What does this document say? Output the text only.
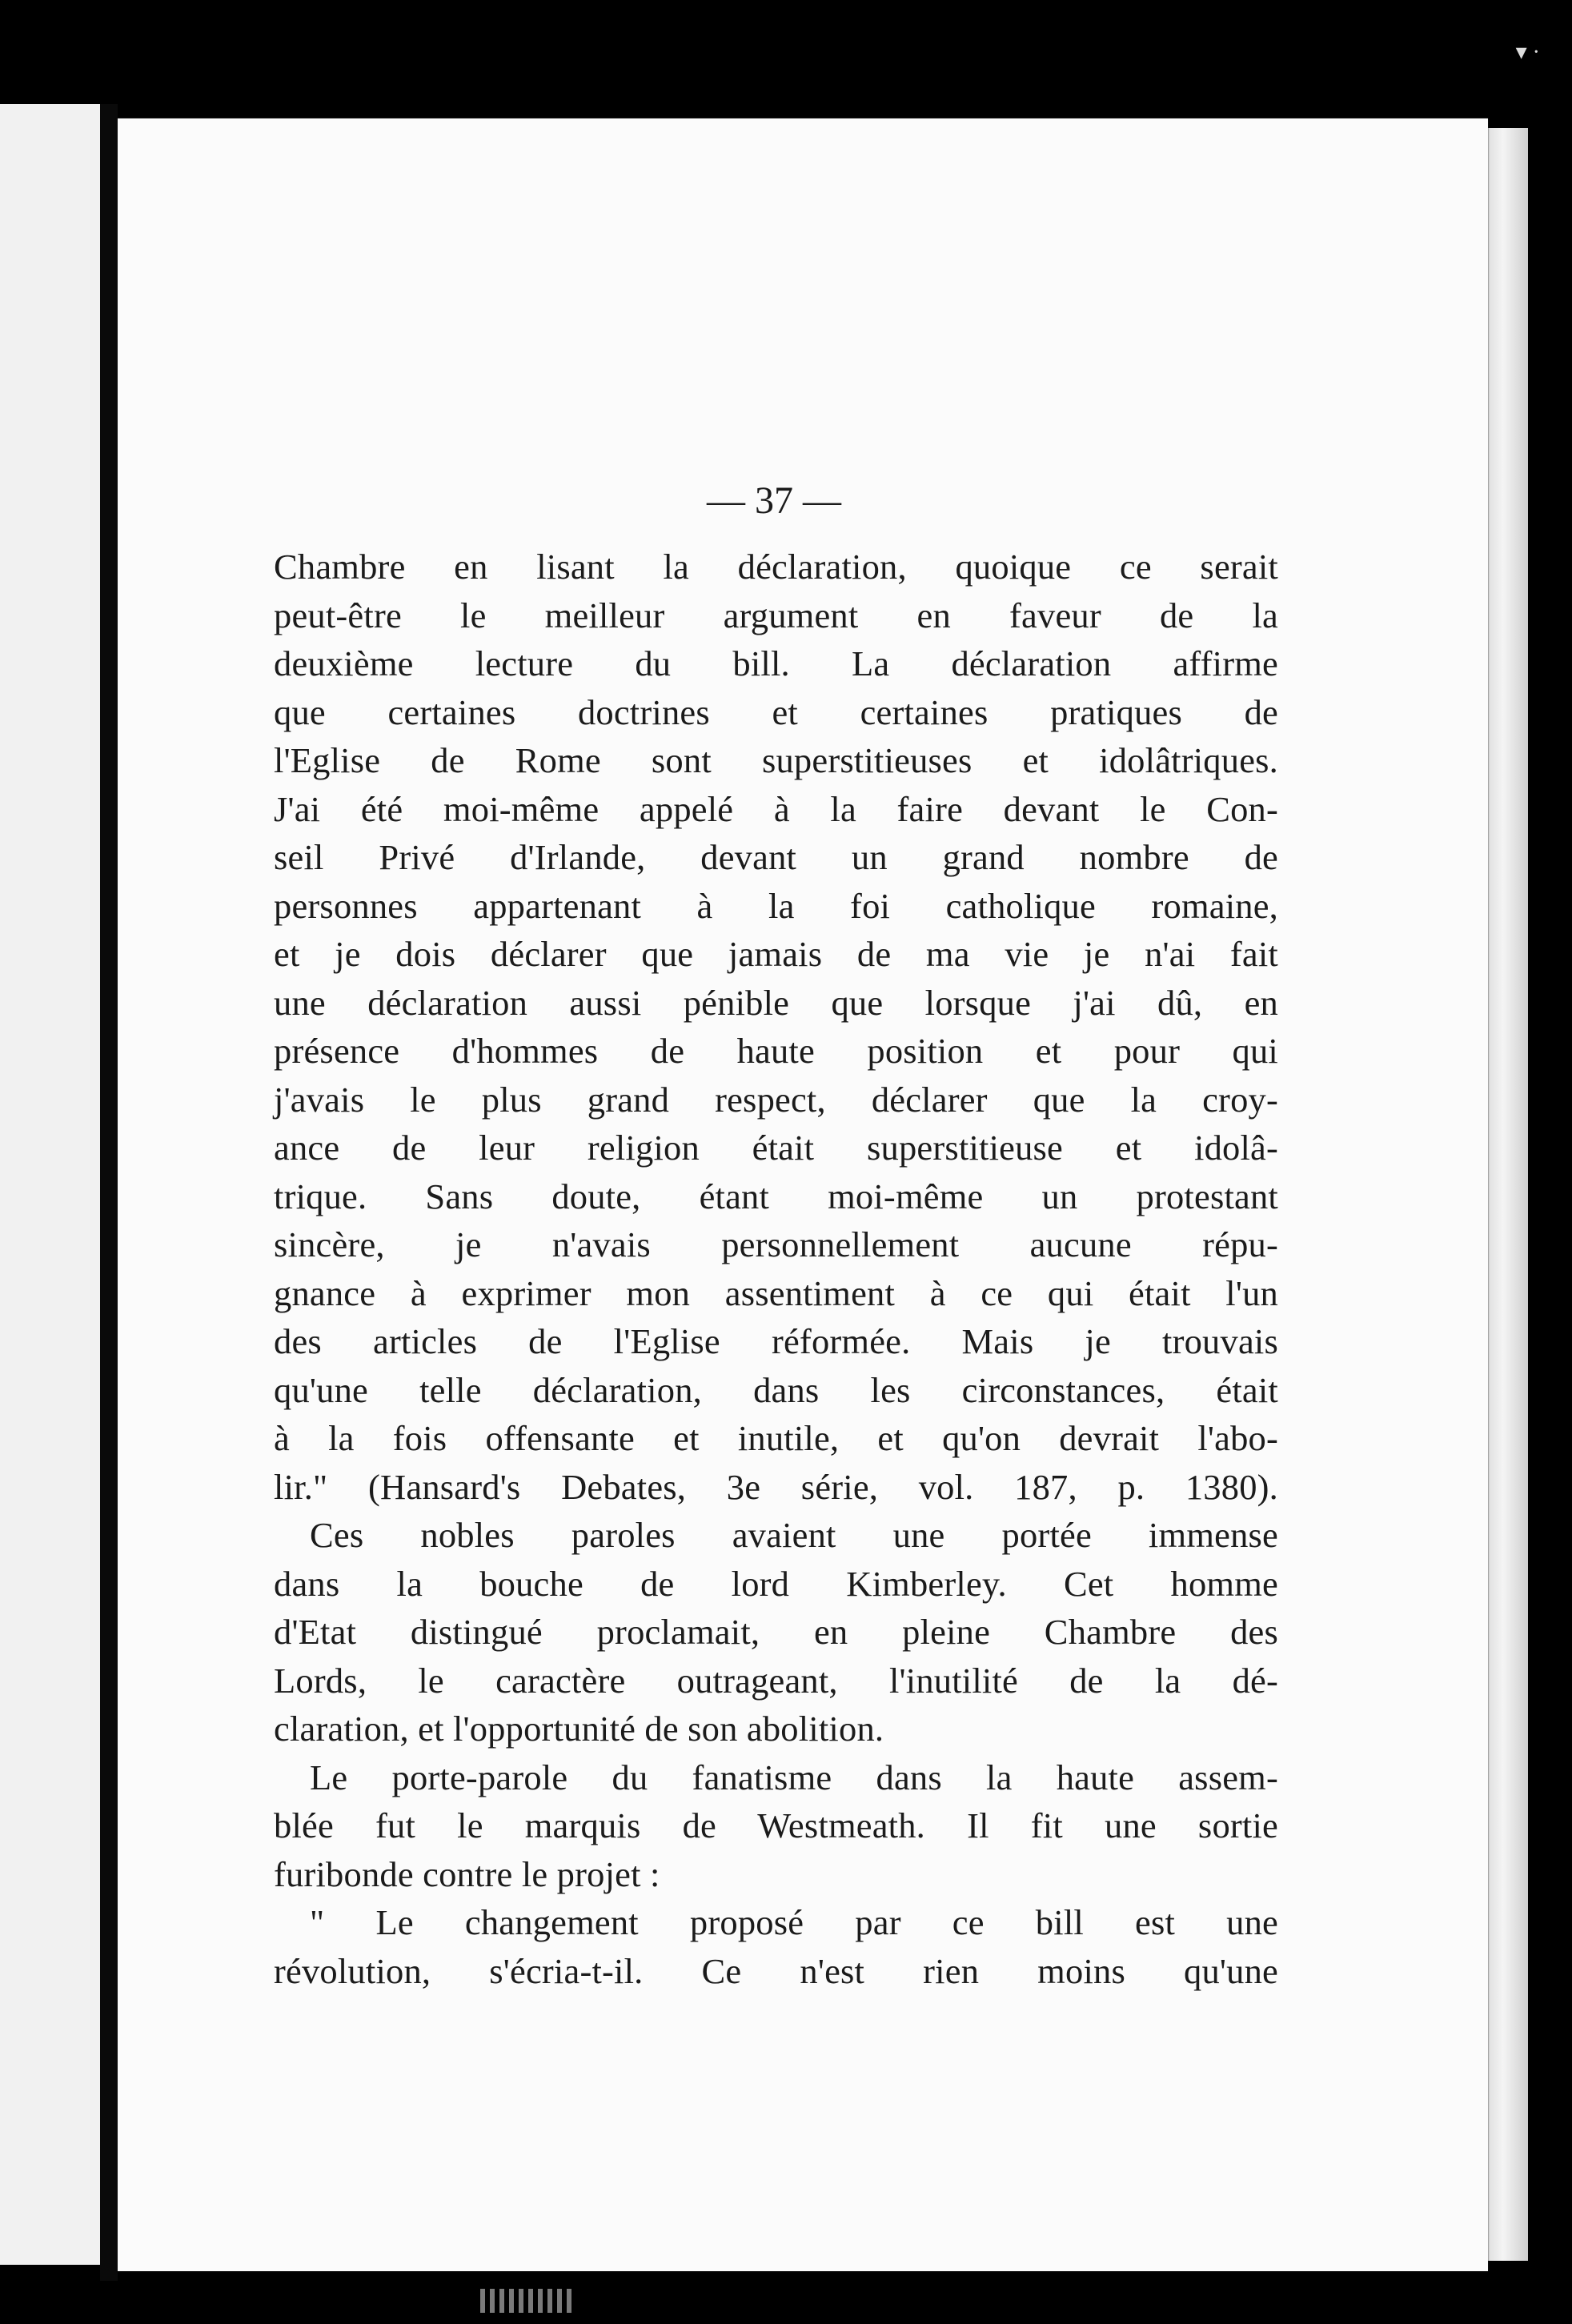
▾ ·
— 37 —
Chambre en lisant la déclaration, quoique ce serait
peut-être le meilleur argument en faveur de la
deuxième lecture du bill. La déclaration affirme
que certaines doctrines et certaines pratiques de
l'Eglise de Rome sont superstitieuses et idolâtriques.
J'ai été moi-même appelé à la faire devant le Con-
seil Privé d'Irlande, devant un grand nombre de
personnes appartenant à la foi catholique romaine,
et je dois déclarer que jamais de ma vie je n'ai fait
une déclaration aussi pénible que lorsque j'ai dû, en
présence d'hommes de haute position et pour qui
j'avais le plus grand respect, déclarer que la croy-
ance de leur religion était superstitieuse et idolâ-
trique. Sans doute, étant moi-même un protestant
sincère, je n'avais personnellement aucune répu-
gnance à exprimer mon assentiment à ce qui était l'un
des articles de l'Eglise réformée. Mais je trouvais
qu'une telle déclaration, dans les circonstances, était
à la fois offensante et inutile, et qu'on devrait l'abo-
lir." (Hansard's Debates, 3e série, vol. 187, p. 1380).
Ces nobles paroles avaient une portée immense
dans la bouche de lord Kimberley. Cet homme
d'Etat distingué proclamait, en pleine Chambre des
Lords, le caractère outrageant, l'inutilité de la dé-
claration, et l'opportunité de son abolition.
Le porte-parole du fanatisme dans la haute assem-
blée fut le marquis de Westmeath. Il fit une sortie
furibonde contre le projet :
" Le changement proposé par ce bill est une
révolution, s'écria-t-il. Ce n'est rien moins qu'une
